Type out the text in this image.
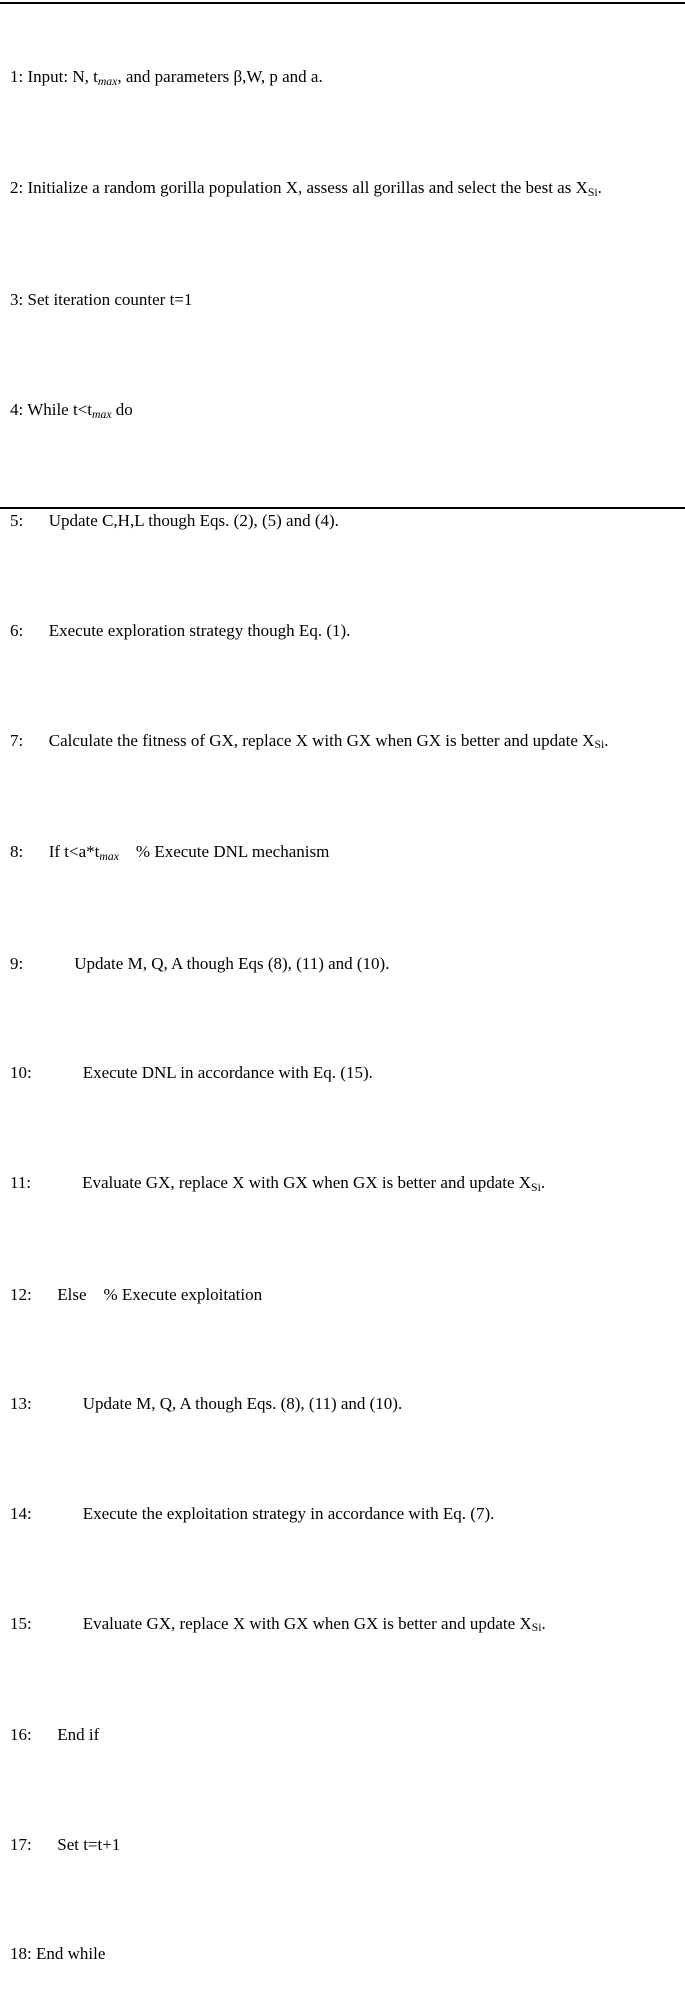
1: Input: N, tmax, and parameters β,W, p and a.

2: Initialize a random gorilla population X, assess all gorillas and select the best as XSi.

3: Set iteration counter t=1

4: While t<tmax do

5: Update C,H,L though Eqs. (2), (5) and (4).

6: Execute exploration strategy though Eq. (1).

7: Calculate the fitness of GX, replace X with GX when GX is better and update XSi.

8: If t<a*tmax    % Execute DNL mechanism

9:	Update M, Q, A though Eqs (8), (11) and (10).

10:	Execute DNL in accordance with Eq. (15).

11:	Evaluate GX, replace X with GX when GX is better and update XSi.

12: Else    % Execute exploitation

13:	Update M, Q, A though Eqs. (8), (11) and (10).

14:	Execute the exploitation strategy in accordance with Eq. (7).

15:	Evaluate GX, replace X with GX when GX is better and update XSi.

16: End if

17: Set t=t+1

18: End while
